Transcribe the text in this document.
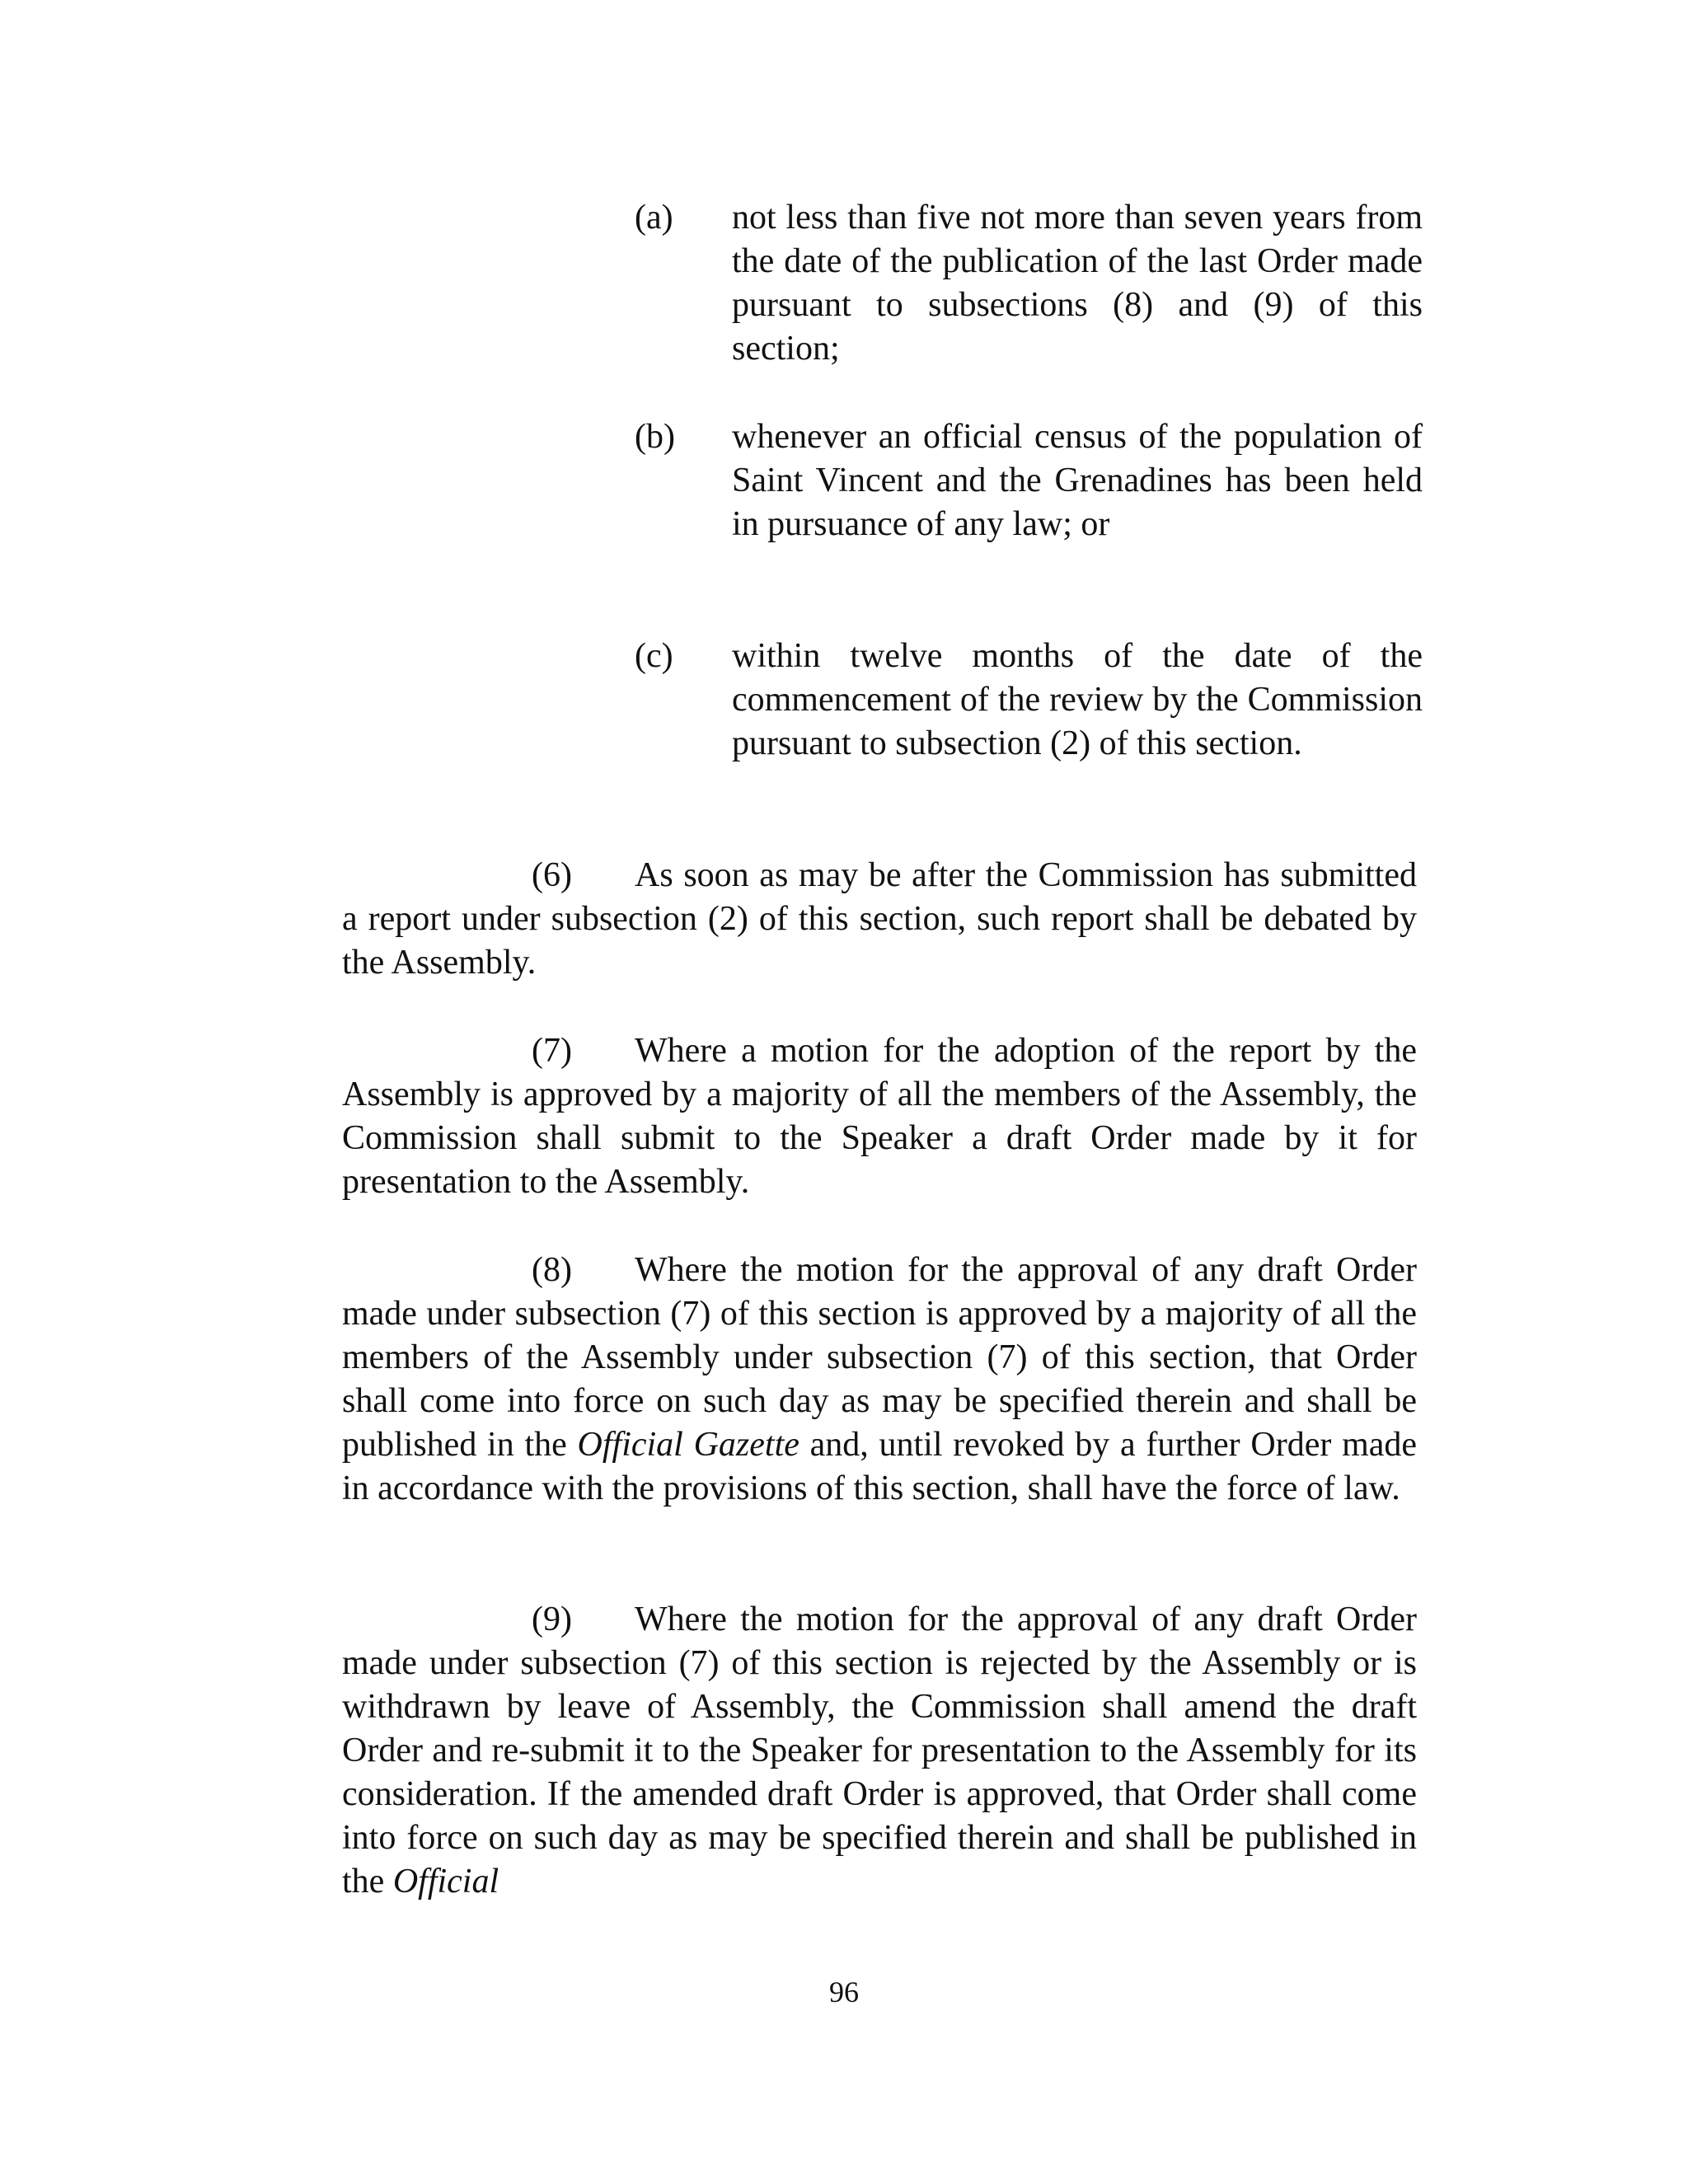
(a)	not less than five not more than seven years from the date of the publication of the last Order made pursuant to subsections (8) and (9) of this section;
(b)	whenever an official census of the population of Saint Vincent and the Grenadines has been held in pursuance of any law; or
(c)	within twelve months of the date of the commencement of the review by the Commission pursuant to subsection (2) of this section.

(6) As soon as may be after the Commission has submitted a report under subsection (2) of this section, such report shall be debated by the Assembly.

(7) Where a motion for the adoption of the report by the Assembly is approved by a majority of all the members of the Assembly, the Commission shall submit to the Speaker a draft Order made by it for presentation to the Assembly.

(8) Where the motion for the approval of any draft Order made under subsection (7) of this section is approved by a majority of all the members of the Assembly under subsection (7) of this section, that Order shall come into force on such day as may be specified therein and shall be published in the Official Gazette and, until revoked by a further Order made in accordance with the provisions of this section, shall have the force of law.

(9) Where the motion for the approval of any draft Order made under subsection (7) of this section is rejected by the Assembly or is withdrawn by leave of Assembly, the Commission shall amend the draft Order and re-submit it to the Speaker for presentation to the Assembly for its consideration. If the amended draft Order is approved, that Order shall come into force on such day as may be specified therein and shall be published in the Official

96
